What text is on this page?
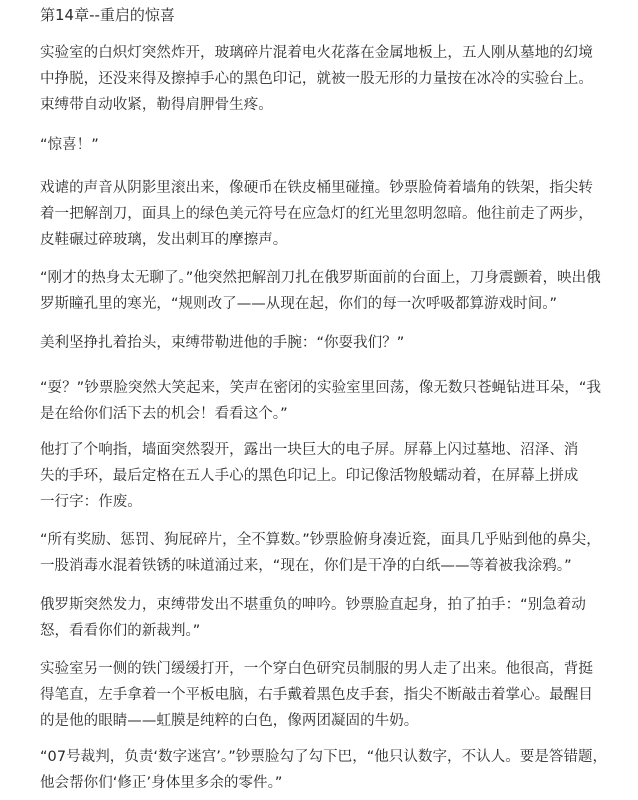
第14章--重启的惊喜

实验室的白炽灯突然炸开，玻璃碎片混着电火花落在金属地板上，五人刚从墓地的幻境
中挣脱，还没来得及擦掉手心的黑色印记，就被一股无形的力量按在冰冷的实验台上。
束缚带自动收紧，勒得肩胛骨生疼。

“惊喜！”

戏谑的声音从阴影里滚出来，像硬币在铁皮桶里碰撞。钞票脸倚着墙角的铁架，指尖转
着一把解剖刀，面具上的绿色美元符号在应急灯的红光里忽明忽暗。他往前走了两步，
皮鞋碾过碎玻璃，发出刺耳的摩擦声。

“刚才的热身太无聊了。”他突然把解剖刀扎在俄罗斯面前的台面上，刀身震颤着，映出俄
罗斯瞳孔里的寒光，“规则改了——从现在起，你们的每一次呼吸都算游戏时间。”

美利坚挣扎着抬头，束缚带勒进他的手腕：“你耍我们？”

“耍？”钞票脸突然大笑起来，笑声在密闭的实验室里回荡，像无数只苍蝇钻进耳朵，“我
是在给你们活下去的机会！看看这个。”

他打了个响指，墙面突然裂开，露出一块巨大的电子屏。屏幕上闪过墓地、沼泽、消
失的手环，最后定格在五人手心的黑色印记上。印记像活物般蠕动着，在屏幕上拼成
一行字：作废。

“所有奖励、惩罚、狗屁碎片，全不算数。”钞票脸俯身凑近瓷，面具几乎贴到他的鼻尖，
一股消毒水混着铁锈的味道涌过来，“现在，你们是干净的白纸——等着被我涂鸦。”

俄罗斯突然发力，束缚带发出不堪重负的呻吟。钞票脸直起身，拍了拍手：“别急着动
怒，看看你们的新裁判。”

实验室另一侧的铁门缓缓打开，一个穿白色研究员制服的男人走了出来。他很高，背挺
得笔直，左手拿着一个平板电脑，右手戴着黑色皮手套，指尖不断敲击着掌心。最醒目
的是他的眼睛——虹膜是纯粹的白色，像两团凝固的牛奶。

“07号裁判，负责‘数字迷宫’。”钞票脸勾了勾下巴，“他只认数字，不认人。要是答错题，
他会帮你们‘修正’身体里多余的零件。”
